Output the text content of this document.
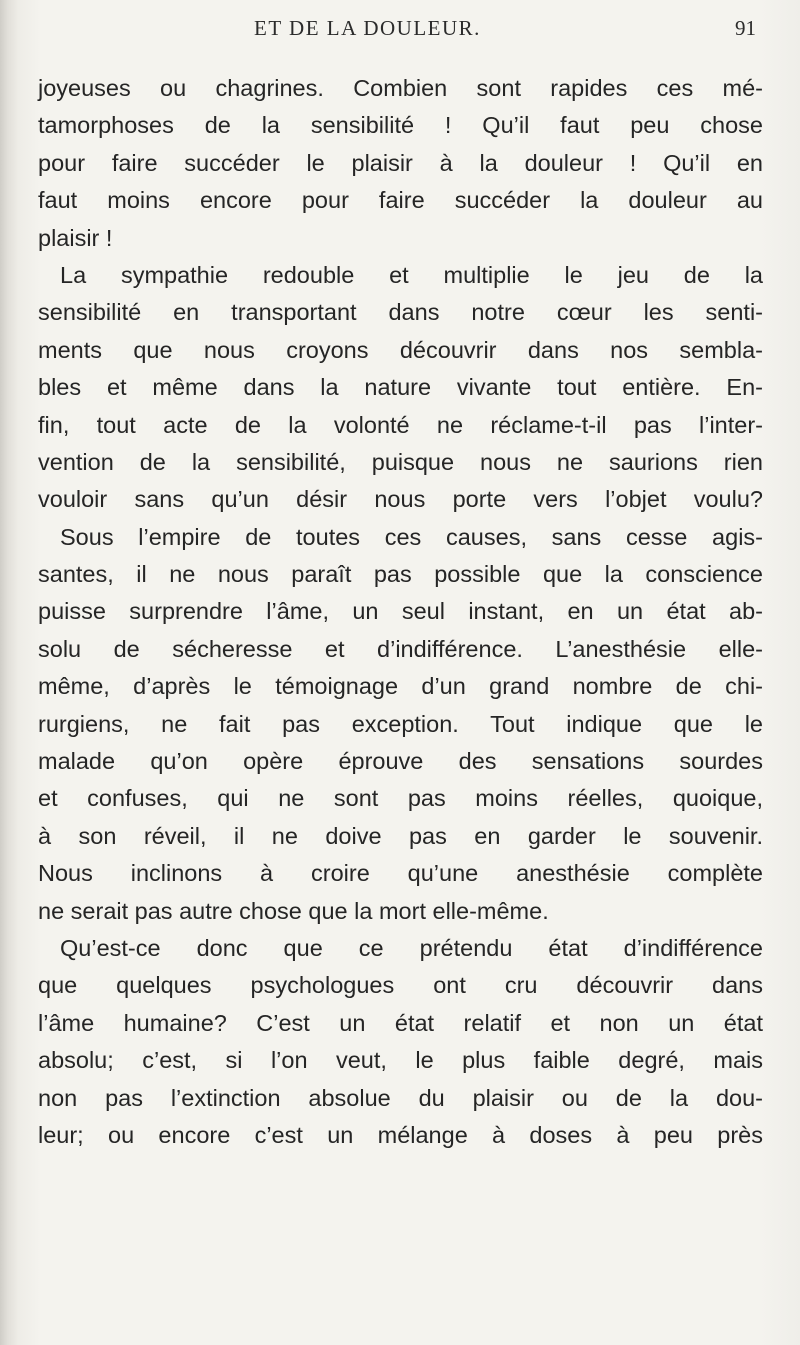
ET DE LA DOULEUR.	91
joyeuses ou chagrines. Combien sont rapides ces mé-
tamorphoses de la sensibilité ! Qu’il faut peu chose
pour faire succéder le plaisir à la douleur ! Qu’il en
faut moins encore pour faire succéder la douleur au
plaisir !
La sympathie redouble et multiplie le jeu de la
sensibilité en transportant dans notre cœur les senti-
ments que nous croyons découvrir dans nos sembla-
bles et même dans la nature vivante tout entière. En-
fin, tout acte de la volonté ne réclame-t-il pas l’inter-
vention de la sensibilité, puisque nous ne saurions rien
vouloir sans qu’un désir nous porte vers l’objet voulu?
Sous l’empire de toutes ces causes, sans cesse agis-
santes, il ne nous paraît pas possible que la conscience
puisse surprendre l’âme, un seul instant, en un état ab-
solu de sécheresse et d’indifférence. L’anesthésie elle-
même, d’après le témoignage d’un grand nombre de chi-
rurgiens, ne fait pas exception. Tout indique que le
malade qu’on opère éprouve des sensations sourdes
et confuses, qui ne sont pas moins réelles, quoique,
à son réveil, il ne doive pas en garder le souvenir.
Nous inclinons à croire qu’une anesthésie complète
ne serait pas autre chose que la mort elle-même.
Qu’est-ce donc que ce prétendu état d’indifférence
que quelques psychologues ont cru découvrir dans
l’âme humaine? C’est un état relatif et non un état
absolu; c’est, si l’on veut, le plus faible degré, mais
non pas l’extinction absolue du plaisir ou de la dou-
leur; ou encore c’est un mélange à doses à peu près
